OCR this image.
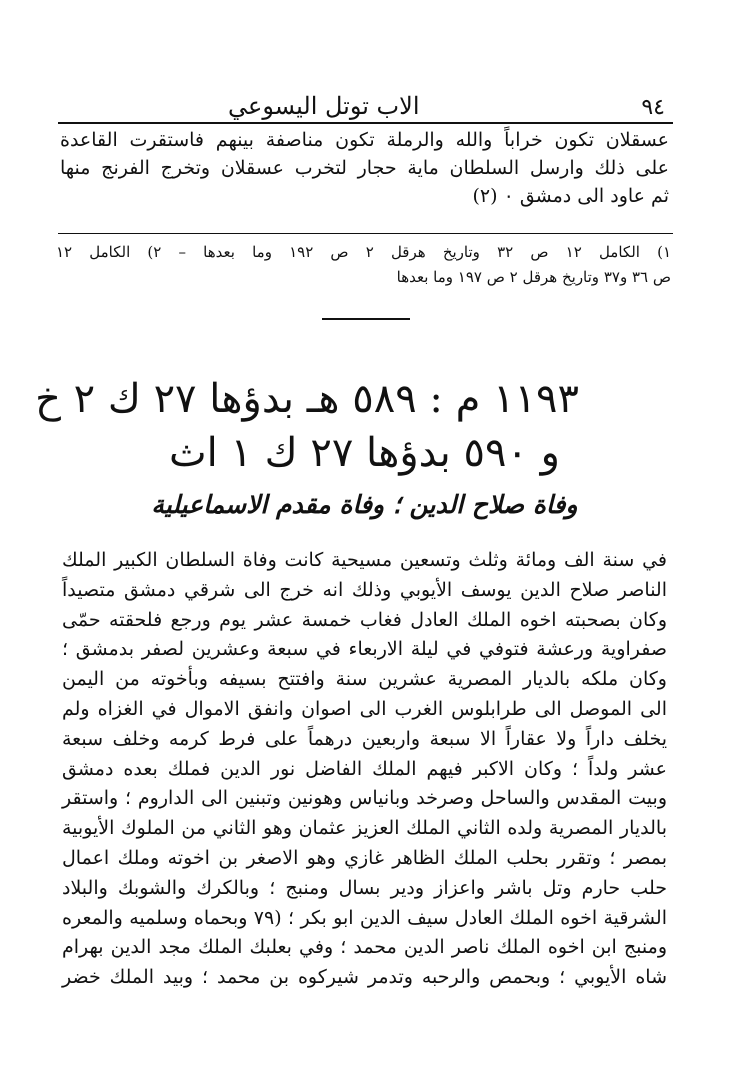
٩٤
الاب توتل اليسوعي

عسقلان تكون خراباً والله والرملة تكون مناصفة بينهم فاستقرت القاعدة

على ذلك وارسل السلطان ماية حجار لتخرب عسقلان وتخرج الفرنج منها

ثم عاود الى دمشق ٠ (٢)

١) الكامل ١٢ ص ٣٢ وتاريخ هرقل ٢ ص ١٩٢ وما بعدها – ٢) الكامل ١٢

ص ٣٦ و٣٧ وتاريخ هرقل ٢ ص ١٩٧ وما بعدها

١١٩٣ م : ٥٨٩ هـ بدؤها ٢٧ ك ٢ خ
و ٥٩٠ بدؤها ٢٧ ك ١ اث
وفاة صلاح الدين ؛ وفاة مقدم الاسماعيلية

في سنة الف ومائة وثلث وتسعين مسيحية كانت وفاة السلطان الكبير الملك

الناصر صلاح الدين يوسف الأيوبي وذلك انه خرج الى شرقي دمشق متصيداً

وكان بصحبته اخوه الملك العادل فغاب خمسة عشر يوم ورجع فلحقته حمّى

صفراوية ورعشة فتوفي في ليلة الاربعاء في سبعة وعشرين لصفر بدمشق ؛

وكان ملكه بالديار المصرية عشرين سنة وافتتح بسيفه وبأخوته من اليمن

الى الموصل الى طرابلوس الغرب الى اصوان وانفق الاموال في الغزاه ولم

يخلف داراً ولا عقاراً الا سبعة واربعين درهماً على فرط كرمه وخلف سبعة

عشر ولداً ؛ وكان الاكبر فيهم الملك الفاضل نور الدين فملك بعده دمشق

وبيت المقدس والساحل وصرخد وبانياس وهونين وتبنين الى الداروم ؛ واستقر

بالديار المصرية ولده الثاني الملك العزيز عثمان وهو الثاني من الملوك الأيوبية

بمصر ؛ وتقرر بحلب الملك الظاهر غازي وهو الاصغر بن اخوته وملك اعمال

حلب حارم وتل باشر واعزاز ودير بسال ومنبج ؛ وبالكرك والشوبك والبلاد

الشرقية اخوه الملك العادل سيف الدين ابو بكر ؛ (٧٩ وبحماه وسلميه والمعره

ومنبج ابن اخوه الملك ناصر الدين محمد ؛ وفي بعلبك الملك مجد الدين بهرام

شاه الأيوبي ؛ وبحمص والرحبه وتدمر شيركوه بن محمد ؛ وبيد الملك خضر
